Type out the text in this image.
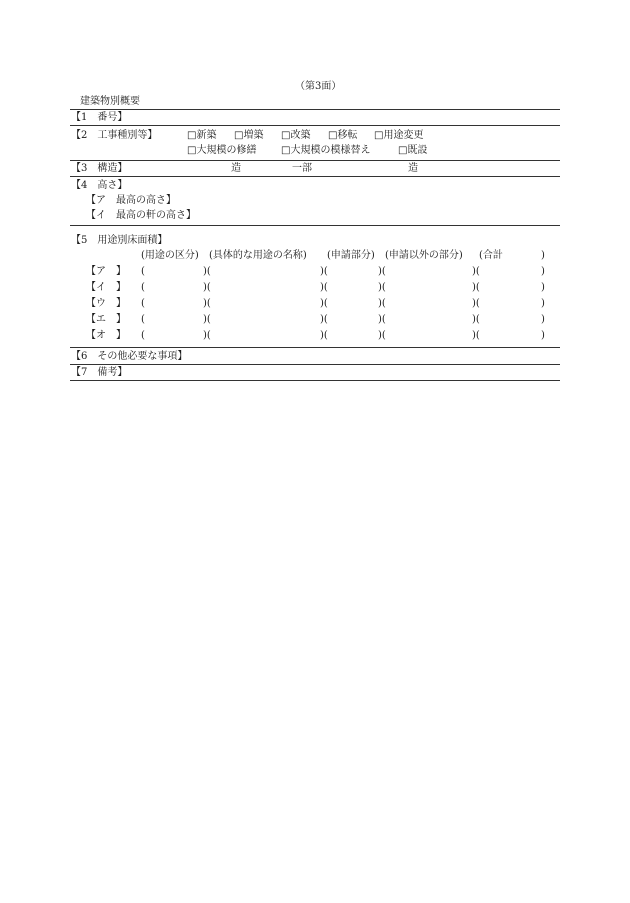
（第3面）
建築物別概要
【1　番号】
【2　工事種別等】	□新築 □増築 □改築 □移転 □用途変更
□大規模の修繕 □大規模の模様替え	□既設
【3　構造】	造	一部	造
【4　高さ】
【ア　最高の高さ】
【イ　最高の軒の高さ】
【5　用途別床面積】
(用途の区分) (具体的な用途の名称) (申請部分) (申請以外の部分) (合計	)
【ア　】 (	)(	)(	)(	)(	)
【イ　】 (	)(	)(	)(	)(	)
【ウ　】 (	)(	)(	)(	)(	)
【エ　】 (	)(	)(	)(	)(	)
【オ　】 (	)(	)(	)(	)(	)
【6　その他必要な事項】
【7　備考】
